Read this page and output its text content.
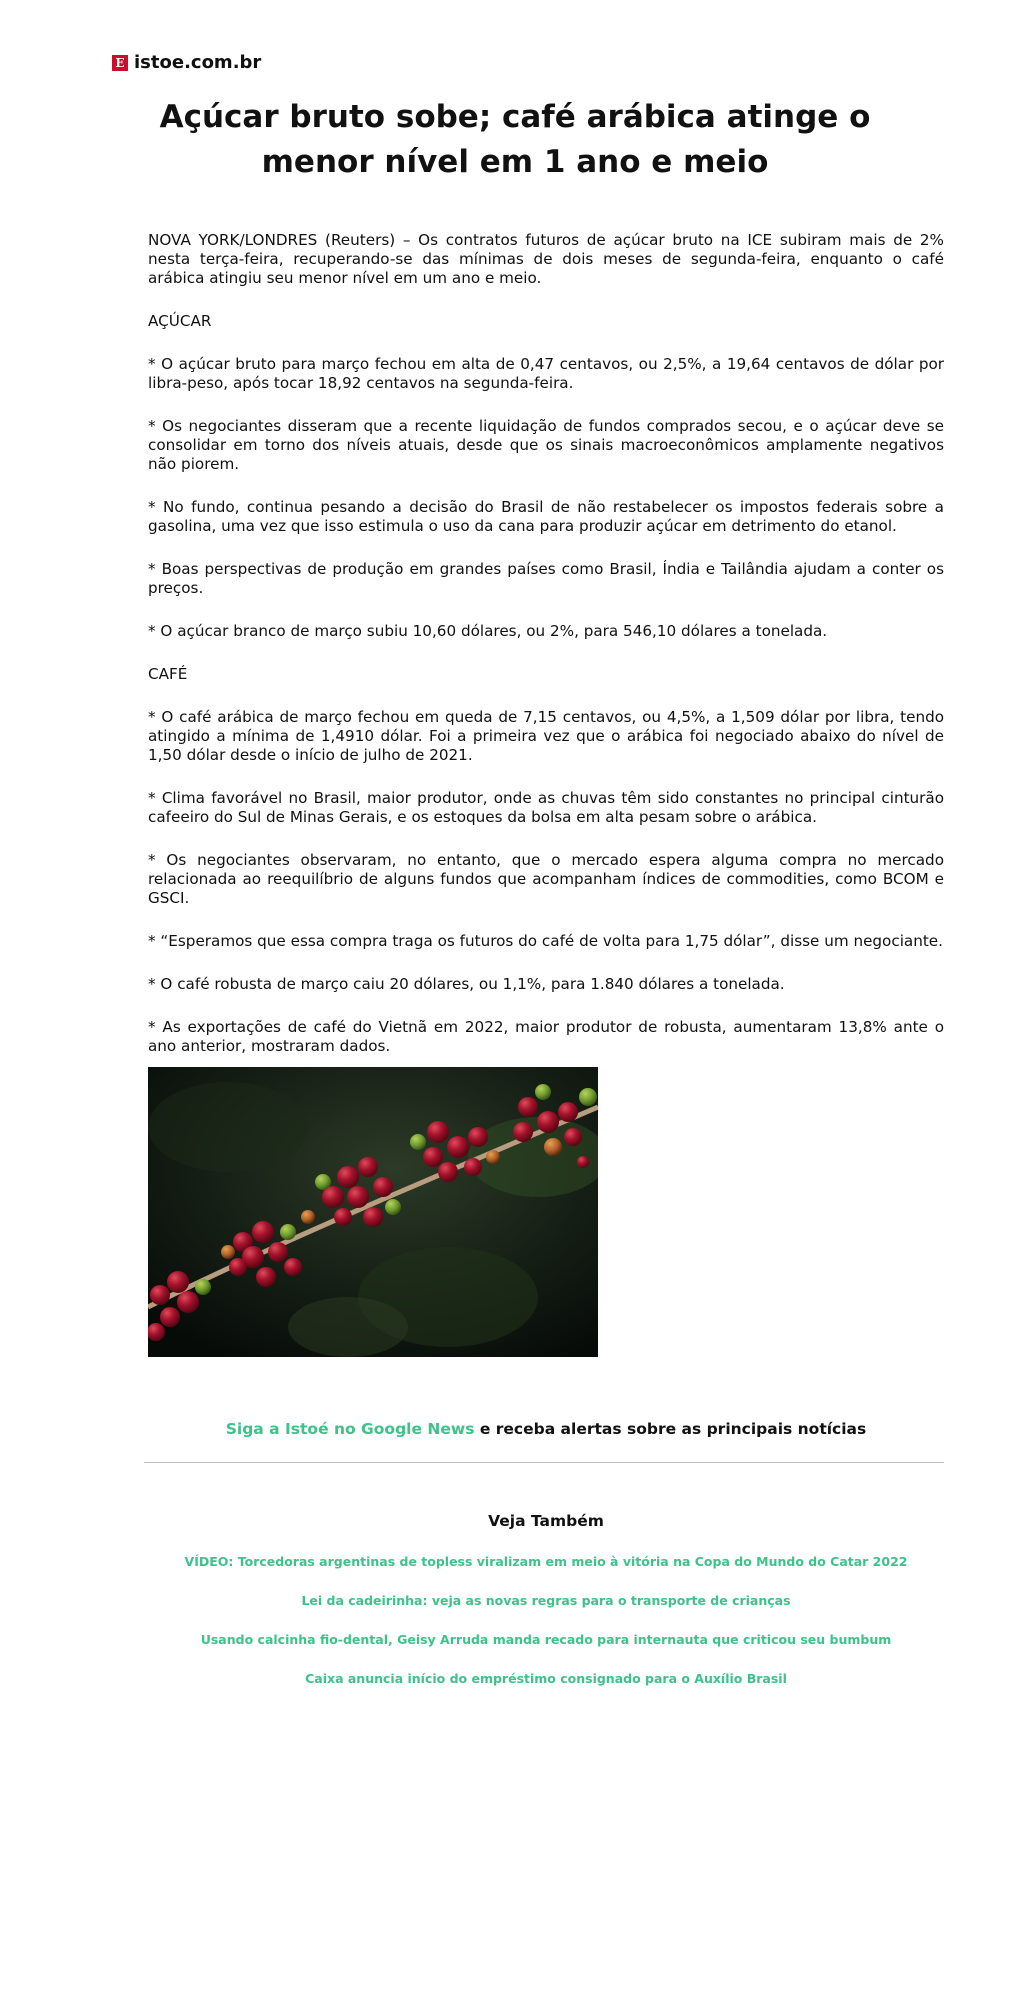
E istoe.com.br
Açúcar bruto sobe; café arábica atinge o menor nível em 1 ano e meio

NOVA YORK/LONDRES (Reuters) – Os contratos futuros de açúcar bruto na ICE subiram mais de 2% nesta terça-feira, recuperando-se das mínimas de dois meses de segunda-feira, enquanto o café arábica atingiu seu menor nível em um ano e meio.

AÇÚCAR

* O açúcar bruto para março fechou em alta de 0,47 centavos, ou 2,5%, a 19,64 centavos de dólar por libra-peso, após tocar 18,92 centavos na segunda-feira.

* Os negociantes disseram que a recente liquidação de fundos comprados secou, e o açúcar deve se consolidar em torno dos níveis atuais, desde que os sinais macroeconômicos amplamente negativos não piorem.

* No fundo, continua pesando a decisão do Brasil de não restabelecer os impostos federais sobre a gasolina, uma vez que isso estimula o uso da cana para produzir açúcar em detrimento do etanol.

* Boas perspectivas de produção em grandes países como Brasil, Índia e Tailândia ajudam a conter os preços.

* O açúcar branco de março subiu 10,60 dólares, ou 2%, para 546,10 dólares a tonelada.

CAFÉ

* O café arábica de março fechou em queda de 7,15 centavos, ou 4,5%, a 1,509 dólar por libra, tendo atingido a mínima de 1,4910 dólar. Foi a primeira vez que o arábica foi negociado abaixo do nível de 1,50 dólar desde o início de julho de 2021.

* Clima favorável no Brasil, maior produtor, onde as chuvas têm sido constantes no principal cinturão cafeeiro do Sul de Minas Gerais, e os estoques da bolsa em alta pesam sobre o arábica.

* Os negociantes observaram, no entanto, que o mercado espera alguma compra no mercado relacionada ao reequilíbrio de alguns fundos que acompanham índices de commodities, como BCOM e GSCI.

* “Esperamos que essa compra traga os futuros do café de volta para 1,75 dólar”, disse um negociante.

* O café robusta de março caiu 20 dólares, ou 1,1%, para 1.840 dólares a tonelada.

* As exportações de café do Vietnã em 2022, maior produtor de robusta, aumentaram 13,8% ante o ano anterior, mostraram dados.

Siga a Istoé no Google News e receba alertas sobre as principais notícias
Veja Também
VÍDEO: Torcedoras argentinas de topless viralizam em meio à vitória na Copa do Mundo do Catar 2022
Lei da cadeirinha: veja as novas regras para o transporte de crianças
Usando calcinha fio-dental, Geisy Arruda manda recado para internauta que criticou seu bumbum
Caixa anuncia início do empréstimo consignado para o Auxílio Brasil
